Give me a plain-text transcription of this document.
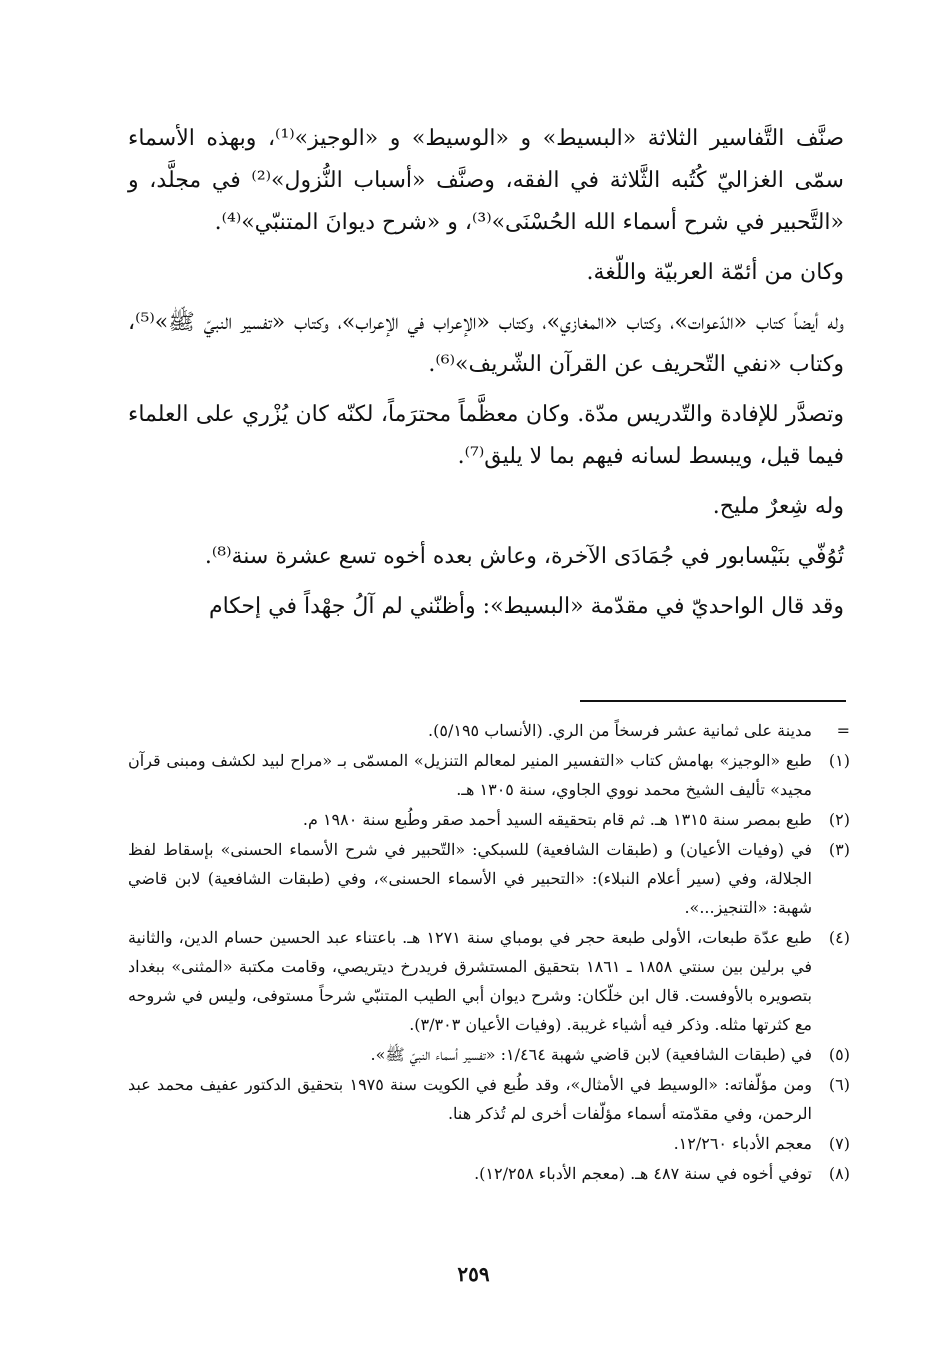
صنَّف التَّفاسير الثلاثة «البسيط» و «الوسيط» و «الوجيز»⁽¹⁾، وبهذه الأسماء سمّى الغزاليّ كُتُبه الثَّلاثة في الفقه، وصنَّف «أسباب النُّزول»⁽²⁾ في مجلَّد، و «التَّحبير في شرح أسماء الله الحُسْنَى»⁽³⁾، و «شرح ديوانَ المتنبّي»⁽⁴⁾.

وكان من أئمّة العربيّة واللّغة.

وله أيضاً كتاب «الدّعوات»، وكتاب «المغازي»، وكتاب «الإعراب في الإعراب»، وكتاب «تفسير النبيّ ﷺ»⁽⁵⁾، وكتاب «نفي التّحريف عن القرآن الشّريف»⁽⁶⁾.

وتصدَّر للإفادة والتّدريس مدّة. وكان معظَّماً محترَماً، لكنّه كان يُزْري على العلماء فيما قيل، ويبسط لسانه فيهم بما لا يليق⁽⁷⁾.

وله شِعرٌ مليح.

تُوُفّي بنَيْسابور في جُمَادَى الآخرة، وعاش بعده أخوه تسع عشرة سنة⁽⁸⁾.

وقد قال الواحديّ في مقدّمة «البسيط»: وأظنّني لم آلُ جهْداً في إحكام

=
مدينة على ثمانية عشر فرسخاً من الري. (الأنساب ٥/١٩٥).
(١)
طبع «الوجيز» بهامش كتاب «التفسير المنير لمعالم التنزيل» المسمّى بـ «مراح لبيد لكشف ومبنى قرآن مجيد» تأليف الشيخ محمد نووي الجاوي، سنة ١٣٠٥ هـ.
(٢)
طبع بمصر سنة ١٣١٥ هـ. ثم قام بتحقيقه السيد أحمد صقر وطُبع سنة ١٩٨٠ م.
(٣)
في (وفيات الأعيان) و (طبقات الشافعية) للسبكي: «التّحبير في شرح الأسماء الحسنى» بإسقاط لفظ الجلالة، وفي (سير أعلام النبلاء): «التحبير في الأسماء الحسنى»، وفي (طبقات الشافعية) لابن قاضي شهبة: «التنجيز...».
(٤)
طبع عدّة طبعات، الأولى طبعة حجر في بومباي سنة ١٢٧١ هـ. باعتناء عبد الحسين حسام الدين، والثانية في برلين بين سنتي ١٨٥٨ ـ ١٨٦١ بتحقيق المستشرق فريدرخ ديتريصي، وقامت مكتبة «المثنى» ببغداد بتصويره بالأوفست. قال ابن خلّكان: وشرح ديوان أبي الطيب المتنبّي شرحاً مستوفى، وليس في شروحه مع كثرتها مثله. وذكر فيه أشياء غريبة. (وفيات الأعيان ٣/٣٠٣).
(٥)
في (طبقات الشافعية) لابن قاضي شهبة ١/٤٦٤: «تفسير أسماء النبيّ ﷺ».
(٦)
ومن مؤلّفاته: «الوسيط في الأمثال»، وقد طُبع في الكويت سنة ١٩٧٥ بتحقيق الدكتور عفيف محمد عبد الرحمن، وفي مقدّمته أسماء مؤلّفات أخرى لم تُذكر هنا.
(٧)
معجم الأدباء ١٢/٢٦٠.
(٨)
توفي أخوه في سنة ٤٨٧ هـ. (معجم الأدباء ١٢/٢٥٨).
٢٥٩
